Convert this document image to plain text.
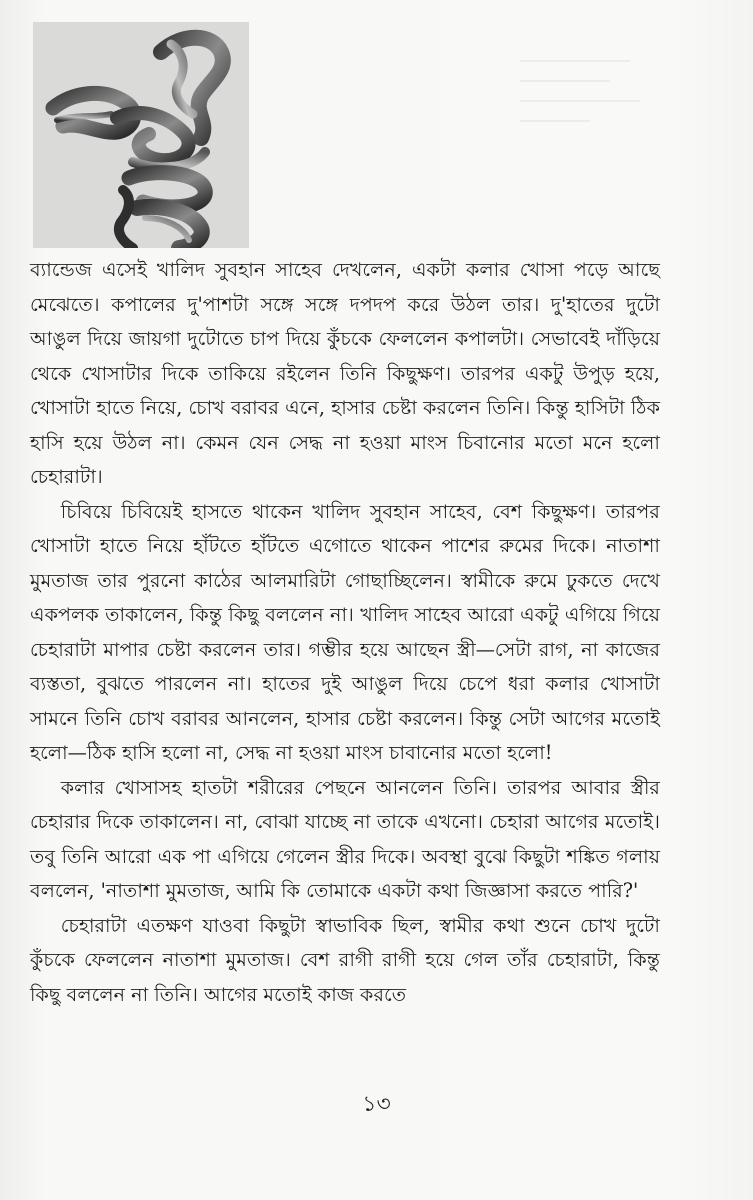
ব্যান্ডেজ এসেই খালিদ সুবহান সাহেব দেখলেন, একটা কলার খোসা পড়ে আছে মেঝেতে। কপালের দু'পাশটা সঙ্গে সঙ্গে দপদপ করে উঠল তার। দু'হাতের দুটো আঙুল দিয়ে জায়গা দুটোতে চাপ দিয়ে কুঁচকে ফেললেন কপালটা। সেভাবেই দাঁড়িয়ে থেকে খোসাটার দিকে তাকিয়ে রইলেন তিনি কিছুক্ষণ। তারপর একটু উপুড় হয়ে, খোসাটা হাতে নিয়ে, চোখ বরাবর এনে, হাসার চেষ্টা করলেন তিনি। কিন্তু হাসিটা ঠিক হাসি হয়ে উঠল না। কেমন যেন সেদ্ধ না হওয়া মাংস চিবানোর মতো মনে হলো চেহারাটা।

চিবিয়ে চিবিয়েই হাসতে থাকেন খালিদ সুবহান সাহেব, বেশ কিছুক্ষণ। তারপর খোসাটা হাতে নিয়ে হাঁটতে হাঁটতে এগোতে থাকেন পাশের রুমের দিকে। নাতাশা মুমতাজ তার পুরনো কাঠের আলমারিটা গোছাচ্ছিলেন। স্বামীকে রুমে ঢুকতে দেখে একপলক তাকালেন, কিন্তু কিছু বললেন না। খালিদ সাহেব আরো একটু এগিয়ে গিয়ে চেহারাটা মাপার চেষ্টা করলেন তার। গম্ভীর হয়ে আছেন স্ত্রী—সেটা রাগ, না কাজের ব্যস্ততা, বুঝতে পারলেন না। হাতের দুই আঙুল দিয়ে চেপে ধরা কলার খোসাটা সামনে তিনি চোখ বরাবর আনলেন, হাসার চেষ্টা করলেন। কিন্তু সেটা আগের মতোই হলো—ঠিক হাসি হলো না, সেদ্ধ না হওয়া মাংস চাবানোর মতো হলো!

কলার খোসাসহ হাতটা শরীরের পেছনে আনলেন তিনি। তারপর আবার স্ত্রীর চেহারার দিকে তাকালেন। না, বোঝা যাচ্ছে না তাকে এখনো। চেহারা আগের মতোই। তবু তিনি আরো এক পা এগিয়ে গেলেন স্ত্রীর দিকে। অবস্থা বুঝে কিছুটা শঙ্কিত গলায় বললেন, 'নাতাশা মুমতাজ, আমি কি তোমাকে একটা কথা জিজ্ঞাসা করতে পারি?'

চেহারাটা এতক্ষণ যাওবা কিছুটা স্বাভাবিক ছিল, স্বামীর কথা শুনে চোখ দুটো কুঁচকে ফেললেন নাতাশা মুমতাজ। বেশ রাগী রাগী হয়ে গেল তাঁর চেহারাটা, কিন্তু কিছু বললেন না তিনি। আগের মতোই কাজ করতে

১৩
